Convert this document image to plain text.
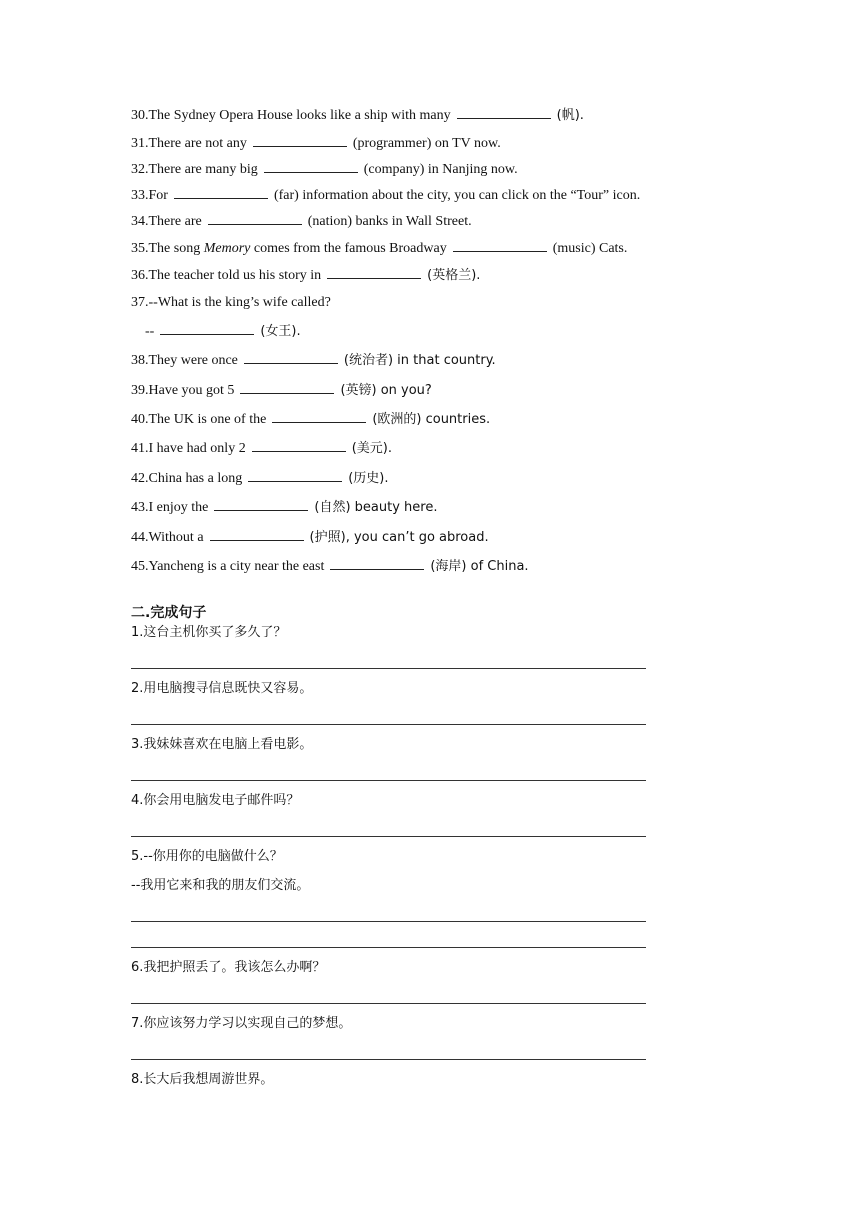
30.The Sydney Opera House looks like a ship with many	(帆).
31.There are not any	(programmer) on TV now.
32.There are many big	(company) in Nanjing now.
33.For	(far) information about the city, you can click on the “Tour” icon.
34.There are	(nation) banks in Wall Street.
35.The song Memory comes from the famous Broadway	(music) Cats.
36.The teacher told us his story in	(英格兰).
37.--What is the king’s wife called?
--	(女王).
38.They were once	(统治者) in that country.
39.Have you got 5	(英镑) on you?
40.The UK is one of the	(欧洲的) countries.
41.I have had only 2	(美元).
42.China has a long	(历史).
43.I enjoy the	(自然) beauty here.
44.Without a	(护照), you can’t go abroad.
45.Yancheng is a city near the east	(海岸) of China.
二.完成句子
1.这台主机你买了多久了？
2.用电脑搜寻信息既快又容易。
3.我妹妹喜欢在电脑上看电影。
4.你会用电脑发电子邮件吗？
5.--你用你的电脑做什么？
--我用它来和我的朋友们交流。
6.我把护照丢了。我该怎么办啊？
7.你应该努力学习以实现自己的梦想。
8.长大后我想周游世界。
